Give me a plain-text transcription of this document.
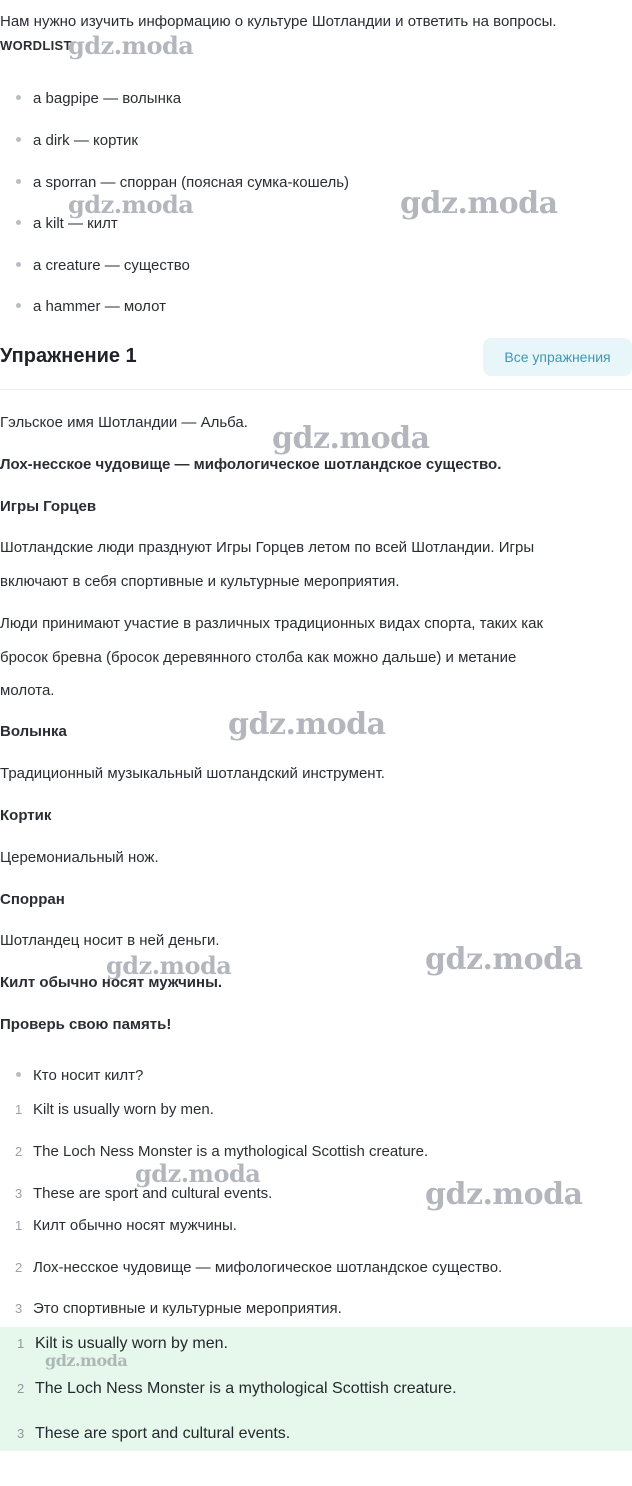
Нам нужно изучить информацию о культуре Шотландии и ответить на вопросы.
WORDLIST
a bagpipe — волынка
a dirk — кортик
a sporran — спорран (поясная сумка-кошель)
a kilt — килт
a creature — существо
a hammer — молот
Упражнение 1	Все упражнения
Гэльское имя Шотландии — Альба.
Лох-несское чудовище — мифологическое шотландское существо.
Игры Горцев
Шотландские люди празднуют Игры Горцев летом по всей Шотландии. Игры
включают в себя спортивные и культурные мероприятия.
Люди принимают участие в различных традиционных видах спорта, таких как
бросок бревна (бросок деревянного столба как можно дальше) и метание
молота.
Волынка
Традиционный музыкальный шотландский инструмент.
Кортик
Церемониальный нож.
Спорран
Шотландец носит в ней деньги.
Килт обычно носят мужчины.
Проверь свою память!
Кто носит килт?
1 Kilt is usually worn by men.
2 The Loch Ness Monster is a mythological Scottish creature.
3 These are sport and cultural events.
1 Килт обычно носят мужчины.
2 Лох-несское чудовище — мифологическое шотландское существо.
3 Это спортивные и культурные мероприятия.
1 Kilt is usually worn by men.
2 The Loch Ness Monster is a mythological Scottish creature.
3 These are sport and cultural events.
gdz.moda
gdz.moda	gdz.moda
gdz.moda
gdz.moda
gdz.moda	gdz.moda
gdz.moda
gdz.moda
gdz.moda
